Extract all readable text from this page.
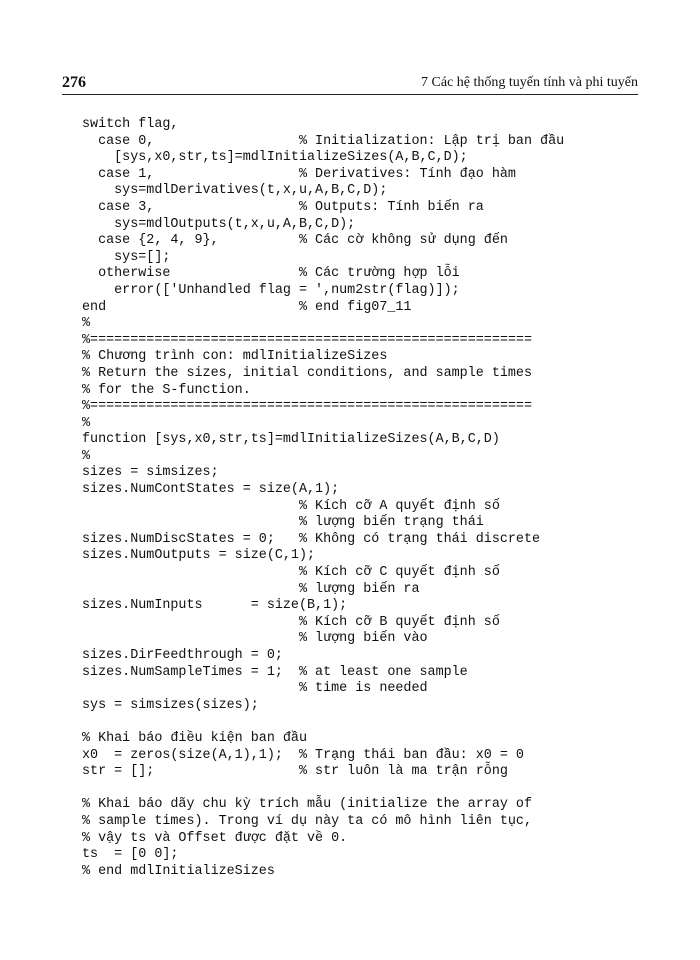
276	7 Các hệ thống tuyến tính và phi tuyến
switch flag,
case 0,                  % Initialization: Lập trị ban đầu
[sys,x0,str,ts]=mdlInitializeSizes(A,B,C,D);
case 1,                  % Derivatives: Tính đạo hàm
sys=mdlDerivatives(t,x,u,A,B,C,D);
case 3,                  % Outputs: Tính biến ra
sys=mdlOutputs(t,x,u,A,B,C,D);
case {2, 4, 9},          % Các cờ không sử dụng đến
sys=[];
otherwise                % Các trường hợp lỗi
error(['Unhandled flag = ',num2str(flag)]);
end                        % end fig07_11
%
%=======================================================
% Chương trình con: mdlInitializeSizes
% Return the sizes, initial conditions, and sample times
% for the S-function.
%=======================================================
%
function [sys,x0,str,ts]=mdlInitializeSizes(A,B,C,D)
%
sizes = simsizes;
sizes.NumContStates = size(A,1);
% Kích cỡ A quyết định số
% lượng biến trạng thái
sizes.NumDiscStates = 0;   % Không có trạng thái discrete
sizes.NumOutputs = size(C,1);
% Kích cỡ C quyết định số
% lượng biến ra
sizes.NumInputs      = size(B,1);
% Kích cỡ B quyết định số
% lượng biến vào
sizes.DirFeedthrough = 0;
sizes.NumSampleTimes = 1;  % at least one sample
% time is needed
sys = simsizes(sizes);

% Khai báo điều kiện ban đầu
x0  = zeros(size(A,1),1);  % Trạng thái ban đầu: x0 = 0
str = [];                  % str luôn là ma trận rỗng

% Khai báo dãy chu kỳ trích mẫu (initialize the array of
% sample times). Trong ví dụ này ta có mô hình liên tục,
% vậy ts và Offset được đặt về 0.
ts  = [0 0];
% end mdlInitializeSizes
